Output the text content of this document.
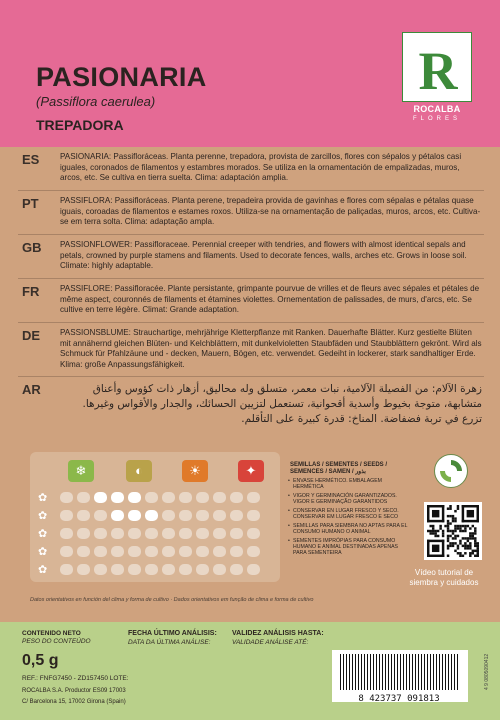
PASIONARIA
(Passiflora caerulea)
TREPADORA
R
ROCALBA
FLORES
ES	PASIONARIA: Passifloráceas. Planta perenne, trepadora, provista de zarcillos, flores con sépalos y pétalos casi iguales, coronados de filamentos y estambres morados. Se utiliza en la ornamentación de empalizadas, muros, arcos, etc. Se cultiva en tierra suelta. Clima: adaptación amplia.
PT	PASSIFLORA: Passifloráceas. Planta perene, trepadeira provida de gavinhas e flores com sépalas e pétalas quase iguais, coroadas de filamentos e estames roxos. Utiliza-se na ornamentação de paliçadas, muros, arcos, etc. Cultiva-se em terra solta. Clima: adaptação ampla.
GB PASSIONFLOWER: Passifloraceae. Perennial creeper with tendries, and flowers with almost identical sepals and petals, crowned by purple stamens and filaments. Used to decorate fences, walls, arches etc. Grows in loose soil. Climate: highly adaptable.
FR	PASSIFLORE: Passifloracée. Plante persistante, grimpante pourvue de vrilles et de fleurs avec sépales et pétales de même aspect, couronnés de filaments et étamines violettes. Ornementation de palissades, de murs, d'arcs, etc. Se cultive en terre légère. Climat: Grande adaptation.
DE PASSIONSBLUME: Strauchartige, mehrjährige Kletterpflanze mit Ranken. Dauerhafte Blätter. Kurz gestielte Blüten mit annähernd gleichen Blüten- und Kelchblättern, mit dunkelvioletten Staubfäden und Staubblättern gekrönt. Wird als Schmuck für Pfahlzäune und - decken, Mauern, Bögen, etc. verwendet. Gedeiht in lockerer, stark sandhaltiger Erde. Klima: große Anpassungsfähigkeit.
AR	زهرة الآلام: من الفصيلة الآلامية، نبات معمر، متسلق وله محاليق، أزهار ذات كؤوس وأعناق متشابهة، متوجة بخيوط وأسدية أقحوانية، تستعمل لتزيين الحسائك، والجدار والأقواس وغيرها. تزرع في تربة فضفاضة. المناخ: قدرة كبيرة على التأقلم.
❄	◐	☀	✦
✿
✿
✿
✿
✿
SEMILLAS / SEMENTES / SEEDS / SEMENCES / SAMEN / بذور
• ENVASE HERMÉTICO. EMBALAGEM HERMÉTICA
• VIGOR Y GERMINACIÓN GARANTIZADOS. VIGOR E GERMINAÇÃO GARANTIDOS
• CONSERVAR EN LUGAR FRESCO Y SECO. CONSERVAR EM LUGAR FRESCO E SECO
• SEMILLAS PARA SIEMBRA NO APTAS PARA EL CONSUMO HUMANO O ANIMAL
• SEMENTES IMPRÓPIAS PARA CONSUMO HUMANO E ANIMAL DESTINADAS APENAS PARA SEMENTEIRA
Vídeo tutorial de
siembra y cuidados
Datos orientativos en función del clima y forma de cultivo · Dados orientativos em função de clima e forma de cultivo
CONTENIDO NETO
PESO DO CONTEÚDO
0,5 g
FECHA ÚLTIMO ANÁLISIS:
DATA DA ÚLTIMA ANÁLISE:
VALIDEZ ANÁLISIS HASTA:
VALIDADE ANÁLISE ATÉ:
REF.: FNFG7450 - ZD157450 LOTE:
ROCALBA S.A. Productor ES09 17003
C/ Barcelona 15, 17002 Girona (Spain)	8 423737 091813
4 9 0805090412
